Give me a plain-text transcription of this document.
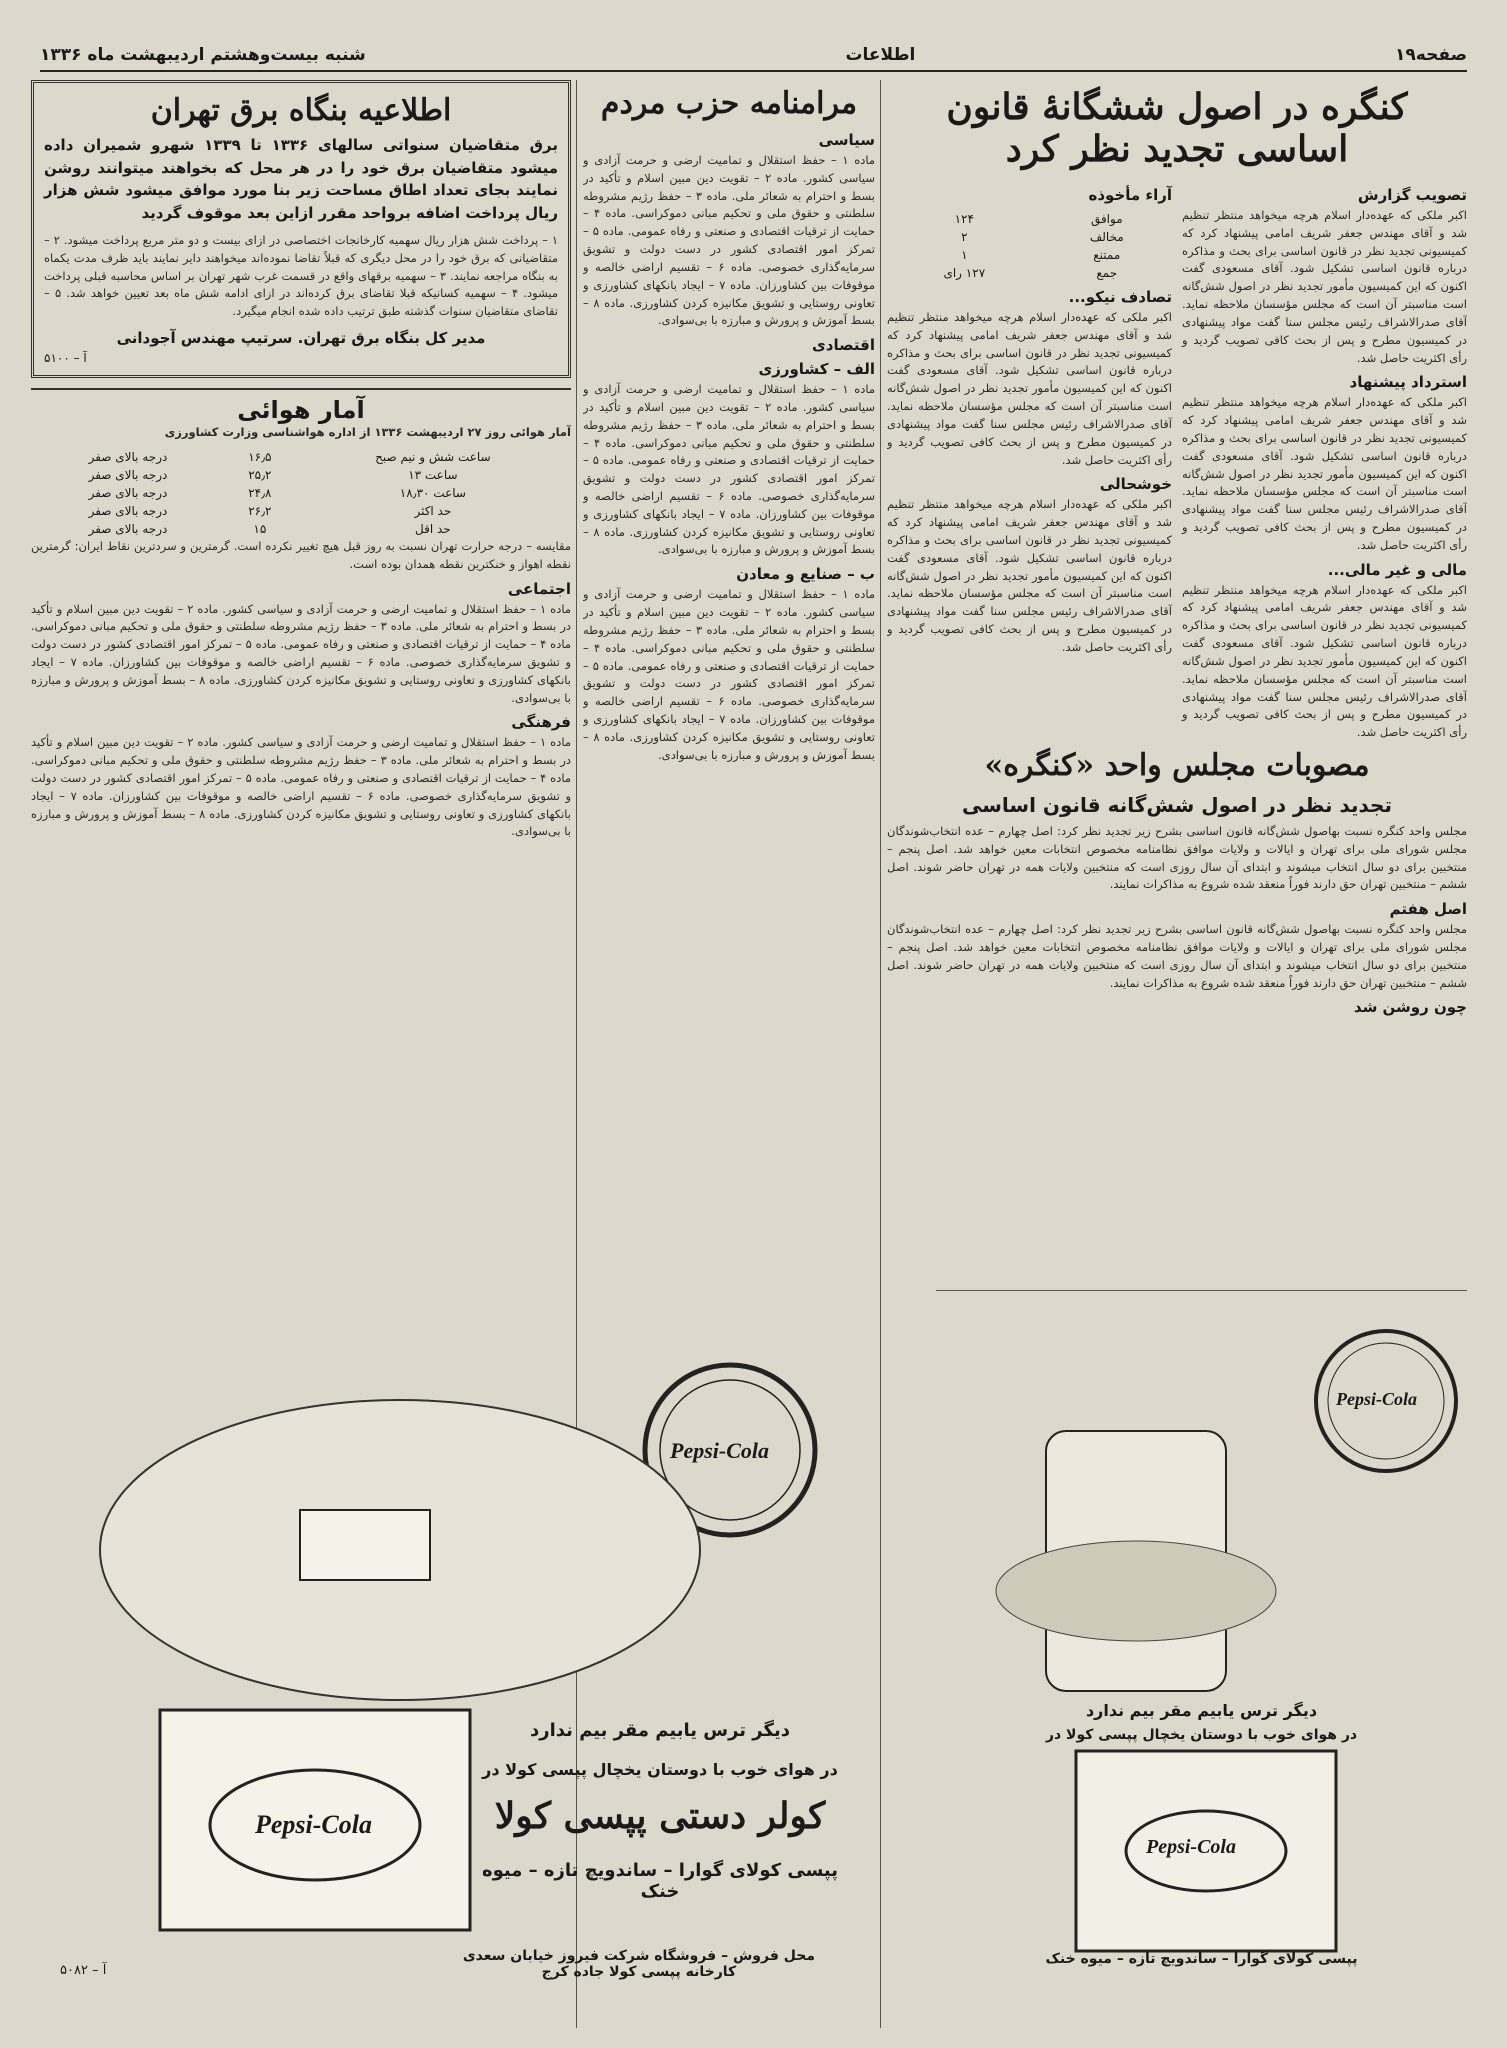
صفحه۱۹
اطلاعات
شنبه بیست‌وهشتم اردیبهشت ماه ۱۳۳۶
کنگره در اصول ششگانهٔ قانون اساسی تجدید نظر کرد
تصویب گزارش
اکبر ملکی که عهده‌دار اسلام هرچه میخواهد منتظر تنظیم شد و آقای مهندس جعفر شریف امامی پیشنهاد کرد که کمیسیونی تجدید نظر در قانون اساسی برای بحث و مذاکره درباره قانون اساسی تشکیل شود. آقای مسعودی گفت اکنون که این کمیسیون مأمور تجدید نظر در اصول شش‌گانه است مناسبتر آن است که مجلس مؤسسان ملاحظه نماید. آقای صدرالاشراف رئیس مجلس سنا گفت مواد پیشنهادی در کمیسیون مطرح و پس از بحث کافی تصویب گردید و رأی اکثریت حاصل شد.
استرداد پیشنهاد
اکبر ملکی که عهده‌دار اسلام هرچه میخواهد منتظر تنظیم شد و آقای مهندس جعفر شریف امامی پیشنهاد کرد که کمیسیونی تجدید نظر در قانون اساسی برای بحث و مذاکره درباره قانون اساسی تشکیل شود. آقای مسعودی گفت اکنون که این کمیسیون مأمور تجدید نظر در اصول شش‌گانه است مناسبتر آن است که مجلس مؤسسان ملاحظه نماید. آقای صدرالاشراف رئیس مجلس سنا گفت مواد پیشنهادی در کمیسیون مطرح و پس از بحث کافی تصویب گردید و رأی اکثریت حاصل شد.
مالی و غیر مالی...
اکبر ملکی که عهده‌دار اسلام هرچه میخواهد منتظر تنظیم شد و آقای مهندس جعفر شریف امامی پیشنهاد کرد که کمیسیونی تجدید نظر در قانون اساسی برای بحث و مذاکره درباره قانون اساسی تشکیل شود. آقای مسعودی گفت اکنون که این کمیسیون مأمور تجدید نظر در اصول شش‌گانه است مناسبتر آن است که مجلس مؤسسان ملاحظه نماید. آقای صدرالاشراف رئیس مجلس سنا گفت مواد پیشنهادی در کمیسیون مطرح و پس از بحث کافی تصویب گردید و رأی اکثریت حاصل شد.
آراء مأخوذه
موافق	۱۲۴
مخالف	۲
ممتنع	۱
جمع	۱۲۷ رای
تصادف نیکو...
اکبر ملکی که عهده‌دار اسلام هرچه میخواهد منتظر تنظیم شد و آقای مهندس جعفر شریف امامی پیشنهاد کرد که کمیسیونی تجدید نظر در قانون اساسی برای بحث و مذاکره درباره قانون اساسی تشکیل شود. آقای مسعودی گفت اکنون که این کمیسیون مأمور تجدید نظر در اصول شش‌گانه است مناسبتر آن است که مجلس مؤسسان ملاحظه نماید. آقای صدرالاشراف رئیس مجلس سنا گفت مواد پیشنهادی در کمیسیون مطرح و پس از بحث کافی تصویب گردید و رأی اکثریت حاصل شد.
خوشحالی
اکبر ملکی که عهده‌دار اسلام هرچه میخواهد منتظر تنظیم شد و آقای مهندس جعفر شریف امامی پیشنهاد کرد که کمیسیونی تجدید نظر در قانون اساسی برای بحث و مذاکره درباره قانون اساسی تشکیل شود. آقای مسعودی گفت اکنون که این کمیسیون مأمور تجدید نظر در اصول شش‌گانه است مناسبتر آن است که مجلس مؤسسان ملاحظه نماید. آقای صدرالاشراف رئیس مجلس سنا گفت مواد پیشنهادی در کمیسیون مطرح و پس از بحث کافی تصویب گردید و رأی اکثریت حاصل شد.
مصوبات مجلس واحد «کنگره»
تجدید نظر در اصول شش‌گانه قانون اساسی
مجلس واحد کنگره نسبت بهاصول شش‌گانه قانون اساسی بشرح زیر تجدید نظر کرد: اصل چهارم – عده انتخاب‌شوندگان مجلس شورای ملی برای تهران و ایالات و ولایات موافق نظامنامه مخصوص انتخابات معین خواهد شد. اصل پنجم – منتخبین برای دو سال انتخاب میشوند و ابتدای آن سال روزی است که منتخبین ولایات همه در تهران حاضر شوند. اصل ششم – منتخبین تهران حق دارند فوراً منعقد شده شروع به مذاکرات نمایند.
اصل هفتم
مجلس واحد کنگره نسبت بهاصول شش‌گانه قانون اساسی بشرح زیر تجدید نظر کرد: اصل چهارم – عده انتخاب‌شوندگان مجلس شورای ملی برای تهران و ایالات و ولایات موافق نظامنامه مخصوص انتخابات معین خواهد شد. اصل پنجم – منتخبین برای دو سال انتخاب میشوند و ابتدای آن سال روزی است که منتخبین ولایات همه در تهران حاضر شوند. اصل ششم – منتخبین تهران حق دارند فوراً منعقد شده شروع به مذاکرات نمایند.
چون روشن شد
مرامنامه حزب مردم
سیاسی
ماده ۱ – حفظ استقلال و تمامیت ارضی و حرمت آزادی و سیاسی کشور. ماده ۲ – تقویت دین مبین اسلام و تأکید در بسط و احترام به شعائر ملی. ماده ۳ – حفظ رژیم مشروطه سلطنتی و حقوق ملی و تحکیم مبانی دموکراسی. ماده ۴ – حمایت از ترقیات اقتصادی و صنعتی و رفاه عمومی. ماده ۵ – تمرکز امور اقتصادی کشور در دست دولت و تشویق سرمایه‌گذاری خصوصی. ماده ۶ – تقسیم اراضی خالصه و موقوفات بین کشاورزان. ماده ۷ – ایجاد بانکهای کشاورزی و تعاونی روستایی و تشویق مکانیزه کردن کشاورزی. ماده ۸ – بسط آموزش و پرورش و مبارزه با بی‌سوادی.
اقتصادی
الف – کشاورزی
ماده ۱ – حفظ استقلال و تمامیت ارضی و حرمت آزادی و سیاسی کشور. ماده ۲ – تقویت دین مبین اسلام و تأکید در بسط و احترام به شعائر ملی. ماده ۳ – حفظ رژیم مشروطه سلطنتی و حقوق ملی و تحکیم مبانی دموکراسی. ماده ۴ – حمایت از ترقیات اقتصادی و صنعتی و رفاه عمومی. ماده ۵ – تمرکز امور اقتصادی کشور در دست دولت و تشویق سرمایه‌گذاری خصوصی. ماده ۶ – تقسیم اراضی خالصه و موقوفات بین کشاورزان. ماده ۷ – ایجاد بانکهای کشاورزی و تعاونی روستایی و تشویق مکانیزه کردن کشاورزی. ماده ۸ – بسط آموزش و پرورش و مبارزه با بی‌سوادی.
ب – صنایع و معادن
ماده ۱ – حفظ استقلال و تمامیت ارضی و حرمت آزادی و سیاسی کشور. ماده ۲ – تقویت دین مبین اسلام و تأکید در بسط و احترام به شعائر ملی. ماده ۳ – حفظ رژیم مشروطه سلطنتی و حقوق ملی و تحکیم مبانی دموکراسی. ماده ۴ – حمایت از ترقیات اقتصادی و صنعتی و رفاه عمومی. ماده ۵ – تمرکز امور اقتصادی کشور در دست دولت و تشویق سرمایه‌گذاری خصوصی. ماده ۶ – تقسیم اراضی خالصه و موقوفات بین کشاورزان. ماده ۷ – ایجاد بانکهای کشاورزی و تعاونی روستایی و تشویق مکانیزه کردن کشاورزی. ماده ۸ – بسط آموزش و پرورش و مبارزه با بی‌سوادی.
اطلاعیه بنگاه برق تهران
برق متقاضیان سنواتی سالهای ۱۳۳۶ تا ۱۳۳۹ شهرو شمیران داده میشود متقاضیان برق خود را در هر محل که بخواهند میتوانند روشن نمایند بجای تعداد اطاق مساحت زیر بنا مورد موافق میشود شش هزار ریال پرداخت اضافه برواحد مقرر ازاین بعد موقوف گردید
۱ – پرداخت شش هزار ریال سهمیه کارخانجات اختصاصی در ازای بیست و دو متر مربع پرداخت میشود. ۲ – متقاضیانی که برق خود را در محل دیگری که قبلاً تقاضا نموده‌اند میخواهند دایر نمایند باید ظرف مدت یکماه به بنگاه مراجعه نمایند. ۳ – سهمیه برقهای واقع در قسمت غرب شهر تهران بر اساس محاسبه قبلی پرداخت میشود. ۴ – سهمیه کسانیکه قبلا تقاضای برق کرده‌اند در ازای ادامه شش ماه بعد تعیین خواهد شد. ۵ – تقاضای متقاضیان سنوات گذشته طبق ترتیب داده شده انجام میگیرد.
مدیر کل بنگاه برق تهران. سرتیپ مهندس آجودانی
آ – ۵۱۰۰
آمار هوائی
آمار هوائی روز ۲۷ اردیبهشت ۱۳۳۶ از اداره هواشناسی وزارت کشاورزی
ساعت شش و نیم صبح	۱۶٫۵	درجه بالای صفر
ساعت ۱۳	۲۵٫۲	درجه بالای صفر
ساعت ۱۸٫۳۰	۲۴٫۸	درجه بالای صفر
حد اکثر	۲۶٫۲	درجه بالای صفر
حد اقل	۱۵	درجه بالای صفر
مقایسه – درجه حرارت تهران نسبت به روز قبل هیچ تغییر نکرده است. گرمترین و سردترین نقاط ایران: گرمترین نقطه اهواز و خنکترین نقطه همدان بوده است.
اجتماعی
ماده ۱ – حفظ استقلال و تمامیت ارضی و حرمت آزادی و سیاسی کشور. ماده ۲ – تقویت دین مبین اسلام و تأکید در بسط و احترام به شعائر ملی. ماده ۳ – حفظ رژیم مشروطه سلطنتی و حقوق ملی و تحکیم مبانی دموکراسی. ماده ۴ – حمایت از ترقیات اقتصادی و صنعتی و رفاه عمومی. ماده ۵ – تمرکز امور اقتصادی کشور در دست دولت و تشویق سرمایه‌گذاری خصوصی. ماده ۶ – تقسیم اراضی خالصه و موقوفات بین کشاورزان. ماده ۷ – ایجاد بانکهای کشاورزی و تعاونی روستایی و تشویق مکانیزه کردن کشاورزی. ماده ۸ – بسط آموزش و پرورش و مبارزه با بی‌سوادی.
فرهنگی
ماده ۱ – حفظ استقلال و تمامیت ارضی و حرمت آزادی و سیاسی کشور. ماده ۲ – تقویت دین مبین اسلام و تأکید در بسط و احترام به شعائر ملی. ماده ۳ – حفظ رژیم مشروطه سلطنتی و حقوق ملی و تحکیم مبانی دموکراسی. ماده ۴ – حمایت از ترقیات اقتصادی و صنعتی و رفاه عمومی. ماده ۵ – تمرکز امور اقتصادی کشور در دست دولت و تشویق سرمایه‌گذاری خصوصی. ماده ۶ – تقسیم اراضی خالصه و موقوفات بین کشاورزان. ماده ۷ – ایجاد بانکهای کشاورزی و تعاونی روستایی و تشویق مکانیزه کردن کشاورزی. ماده ۸ – بسط آموزش و پرورش و مبارزه با بی‌سوادی.
Pepsi-Cola
Pepsi-Cola
دیگر ترس یابیم مقر بیم ندارد
در هوای خوب با دوستان یخچال پپسی کولا در
پپسی کولای گوارا – ساندویچ تازه – میوه خنک
Pepsi-Cola
Pepsi-Cola
دیگر ترس یابیم مقر بیم ندارد
در هوای خوب با دوستان یخچال پپسی کولا در
کولر دستی پپسی کولا
پپسی کولای گوارا – ساندویچ تازه – میوه خنک
محل فروش – فروشگاه شرکت فیروز خیابان سعدی
کارخانه پپسی کولا جاده کرج
آ – ۵۰۸۲
